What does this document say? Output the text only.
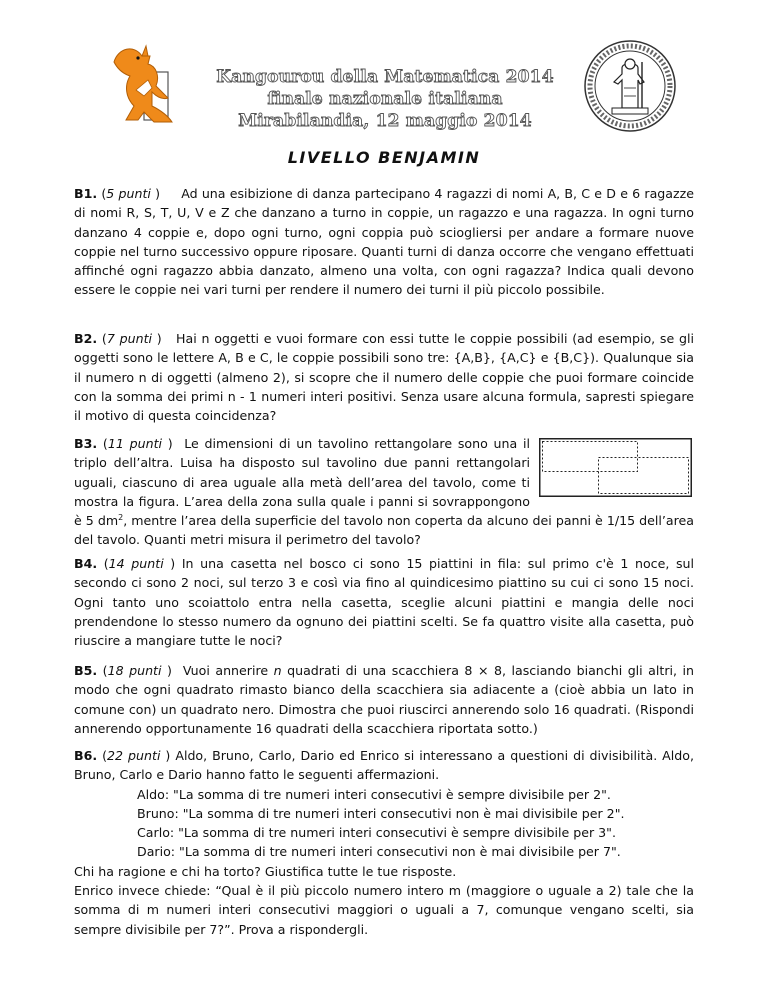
Kangourou della Matematica 2014
finale nazionale italiana
Mirabilandia, 12 maggio 2014
LIVELLO BENJAMIN

B1. (5 punti )     Ad una esibizione di danza partecipano 4 ragazzi di nomi A, B, C e D e 6 ragazze di nomi R, S, T, U, V e Z che danzano a turno in coppie, un ragazzo e una ragazza. In ogni turno danzano 4 coppie e, dopo ogni turno, ogni coppia può sciogliersi per andare a formare nuove coppie nel turno successivo oppure riposare. Quanti turni di danza occorre che vengano effettuati affinché ogni ragazzo abbia danzato, almeno una volta, con ogni ragazza? Indica quali devono essere le coppie nei vari turni per rendere il numero dei turni il più piccolo possibile.

B2. (7 punti )   Hai n oggetti e vuoi formare con essi tutte le coppie possibili (ad esempio, se gli oggetti sono le lettere A, B e C, le coppie possibili sono tre: {A,B}, {A,C} e {B,C}). Qualunque sia il numero n di oggetti (almeno 2), si scopre che il numero delle coppie che puoi formare coincide con la somma dei primi n - 1 numeri interi positivi. Senza usare alcuna formula, sapresti spiegare il motivo di questa coincidenza?

B3. (11 punti )  Le dimensioni di un tavolino rettangolare sono una il triplo dell’altra. Luisa ha disposto sul tavolino due panni rettangolari uguali, ciascuno di area uguale alla metà dell’area del tavolo, come ti mostra la figura. L’area della zona sulla quale i panni si sovrappongono è 5 $dm^2$, mentre l’area della superficie del tavolo non coperta da alcuno dei panni è 1/15 dell’area del tavolo. Quanti metri misura il perimetro del tavolo?

B4. (14 punti ) In una casetta nel bosco ci sono 15 piattini in fila: sul primo c'è 1 noce, sul secondo ci sono 2 noci, sul terzo 3 e così via fino al quindicesimo piattino su cui ci sono 15 noci. Ogni tanto uno scoiattolo entra nella casetta, sceglie alcuni piattini e mangia delle noci prendendone lo stesso numero da ognuno dei piattini scelti. Se fa quattro visite alla casetta, può riuscire a mangiare tutte le noci?

B5. (18 punti )  Vuoi annerire n quadrati di una scacchiera 8 × 8, lasciando bianchi gli altri, in modo che ogni quadrato rimasto bianco della scacchiera sia adiacente a (cioè abbia un lato in comune con) un quadrato nero. Dimostra che puoi riuscirci annerendo solo 16 quadrati. (Rispondi annerendo opportunamente 16 quadrati della scacchiera riportata sotto.)

B6. (22 punti ) Aldo, Bruno, Carlo, Dario ed Enrico si interessano a questioni di divisibilità. Aldo, Bruno, Carlo e Dario hanno fatto le seguenti affermazioni.

Aldo: "La somma di tre numeri interi consecutivi è sempre divisibile per 2".

Bruno: "La somma di tre numeri interi consecutivi non è mai divisibile per 2".

Carlo: "La somma di tre numeri interi consecutivi è sempre divisibile per 3".

Dario: "La somma di tre numeri interi consecutivi non è mai divisibile per 7".

Chi ha ragione e chi ha torto? Giustifica tutte le tue risposte.

Enrico invece chiede: “Qual è il più piccolo numero intero m (maggiore o uguale a 2) tale che la somma di m numeri interi consecutivi maggiori o uguali a 7, comunque vengano scelti, sia sempre divisibile per 7?”. Prova a rispondergli.
